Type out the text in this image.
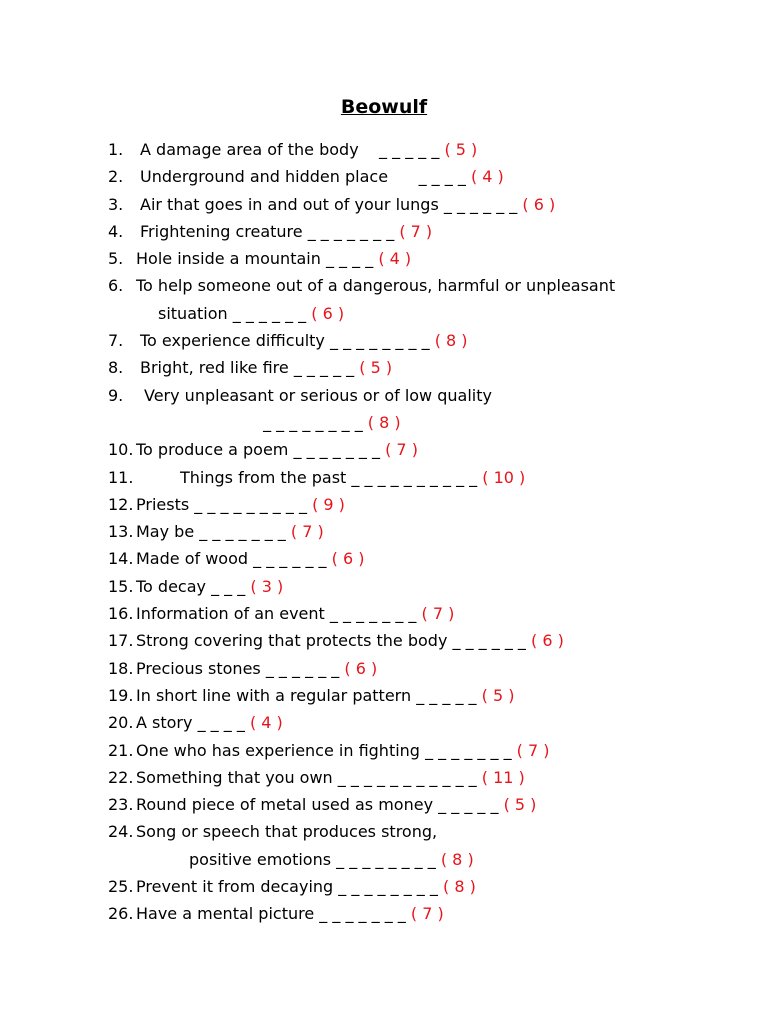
Beowulf
1. A damage area of the body    _ _ _ _ _ ( 5 )
2. Underground and hidden place      _ _ _ _ ( 4 )
3. Air that goes in and out of your lungs _ _ _ _ _ _ ( 6 )
4. Frightening creature _ _ _ _ _ _ _ ( 7 )
5. Hole inside a mountain _ _ _ _ ( 4 )
6. To help someone out of a dangerous, harmful or unpleasant
situation _ _ _ _ _ _ ( 6 )
7. To experience difficulty _ _ _ _ _ _ _ _ ( 8 )
8. Bright, red like fire _ _ _ _ _ ( 5 )
9. Very unpleasant or serious or of low quality
_ _ _ _ _ _ _ _ ( 8 )
10. To produce a poem _ _ _ _ _ _ _ ( 7 )
11.	Things from the past _ _ _ _ _ _ _ _ _ _ ( 10 )
12. Priests _ _ _ _ _ _ _ _ _ ( 9 )
13. May be _ _ _ _ _ _ _ ( 7 )
14. Made of wood _ _ _ _ _ _ ( 6 )
15. To decay _ _ _ ( 3 )
16. Information of an event _ _ _ _ _ _ _ ( 7 )
17. Strong covering that protects the body _ _ _ _ _ _ ( 6 )
18. Precious stones _ _ _ _ _ _ ( 6 )
19. In short line with a regular pattern _ _ _ _ _ ( 5 )
20. A story _ _ _ _ ( 4 )
21. One who has experience in fighting _ _ _ _ _ _ _ ( 7 )
22. Something that you own _ _ _ _ _ _ _ _ _ _ _ ( 11 )
23. Round piece of metal used as money _ _ _ _ _ ( 5 )
24. Song or speech that produces strong,
positive emotions _ _ _ _ _ _ _ _ ( 8 )
25. Prevent it from decaying _ _ _ _ _ _ _ _ ( 8 )
26. Have a mental picture _ _ _ _ _ _ _ ( 7 )
